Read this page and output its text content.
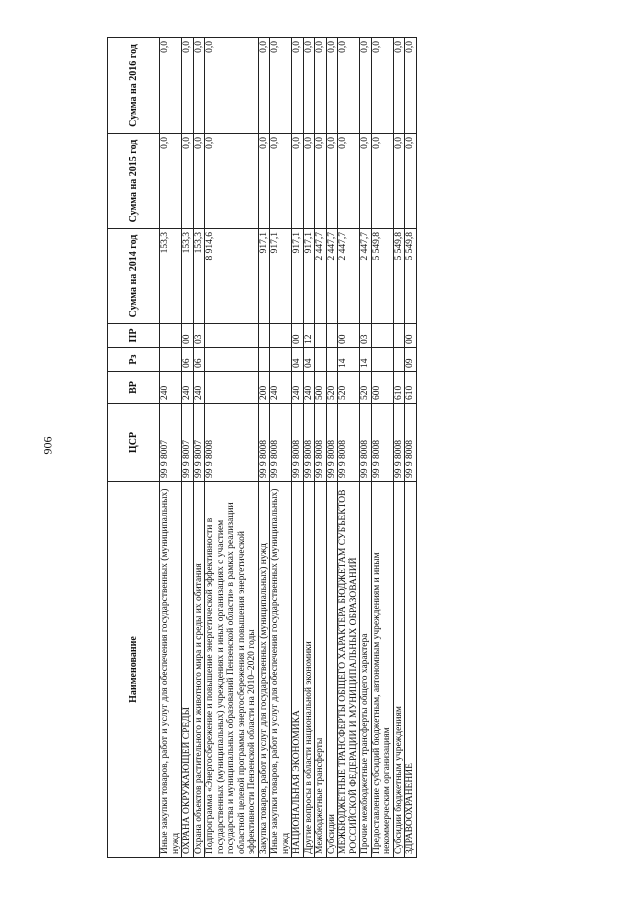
906
Наименование	ЦСР	ВР	Рз	ПР	Сумма на 2014 год	Сумма на 2015 год	Сумма на 2016 год
Иные закупки товаров, работ и услуг для обеспечения государственных (муниципальных) нужд	99 9 8007	240			153,3	0,0	0,0
ОХРАНА ОКРУЖАЮЩЕЙ СРЕДЫ	99 9 8007	240	06	00	153,3	0,0	0,0
Охрана объектов растительного и животного мира и среды их обитания	99 9 8007	240	06	03	153,3	0,0	0,0
Подпрограмма «Энергосбережение и повышение энергетической эффективности в государственных (муниципальных) учреждениях и иных организациях с участием государства и муниципальных образований Пензенской области» в рамках реализации областной целевой программы энергосбережения и повышения энергетической эффективности Пензенской области на 2010–2020 годы	99 9 8008				8 914,6	0,0	0,0
Закупка товаров, работ и услуг для государственных (муниципальных) нужд	99 9 8008	200			917,1	0,0	0,0
Иные закупки товаров, работ и услуг для обеспечения государственных (муниципальных) нужд	99 9 8008	240			917,1	0,0	0,0
НАЦИОНАЛЬНАЯ ЭКОНОМИКА	99 9 8008	240	04	00	917,1	0,0	0,0
Другие вопросы в области национальной экономики	99 9 8008	240	04	12	917,1	0,0	0,0
Межбюджетные трансферты	99 9 8008	500			2 447,7	0,0	0,0
Субсидии	99 9 8008	520			2 447,7	0,0	0,0
МЕЖБЮДЖЕТНЫЕ ТРАНСФЕРТЫ ОБЩЕГО ХАРАКТЕРА БЮДЖЕТАМ СУБЪЕКТОВ РОССИЙСКОЙ ФЕДЕРАЦИИ И МУНИЦИПАЛЬНЫХ ОБРАЗОВАНИЙ	99 9 8008	520	14	00	2 447,7	0,0	0,0
Прочие межбюджетные трансферты общего характера	99 9 8008	520	14	03	2 447,7	0,0	0,0
Предоставление субсидий бюджетным, автономным учреждениям и иным некоммерческим организациям	99 9 8008	600			5 549,8	0,0	0,0
Субсидии бюджетным учреждениям	99 9 8008	610			5 549,8	0,0	0,0
ЗДРАВООХРАНЕНИЕ	99 9 8008	610	09	00	5 549,8	0,0	0,0
